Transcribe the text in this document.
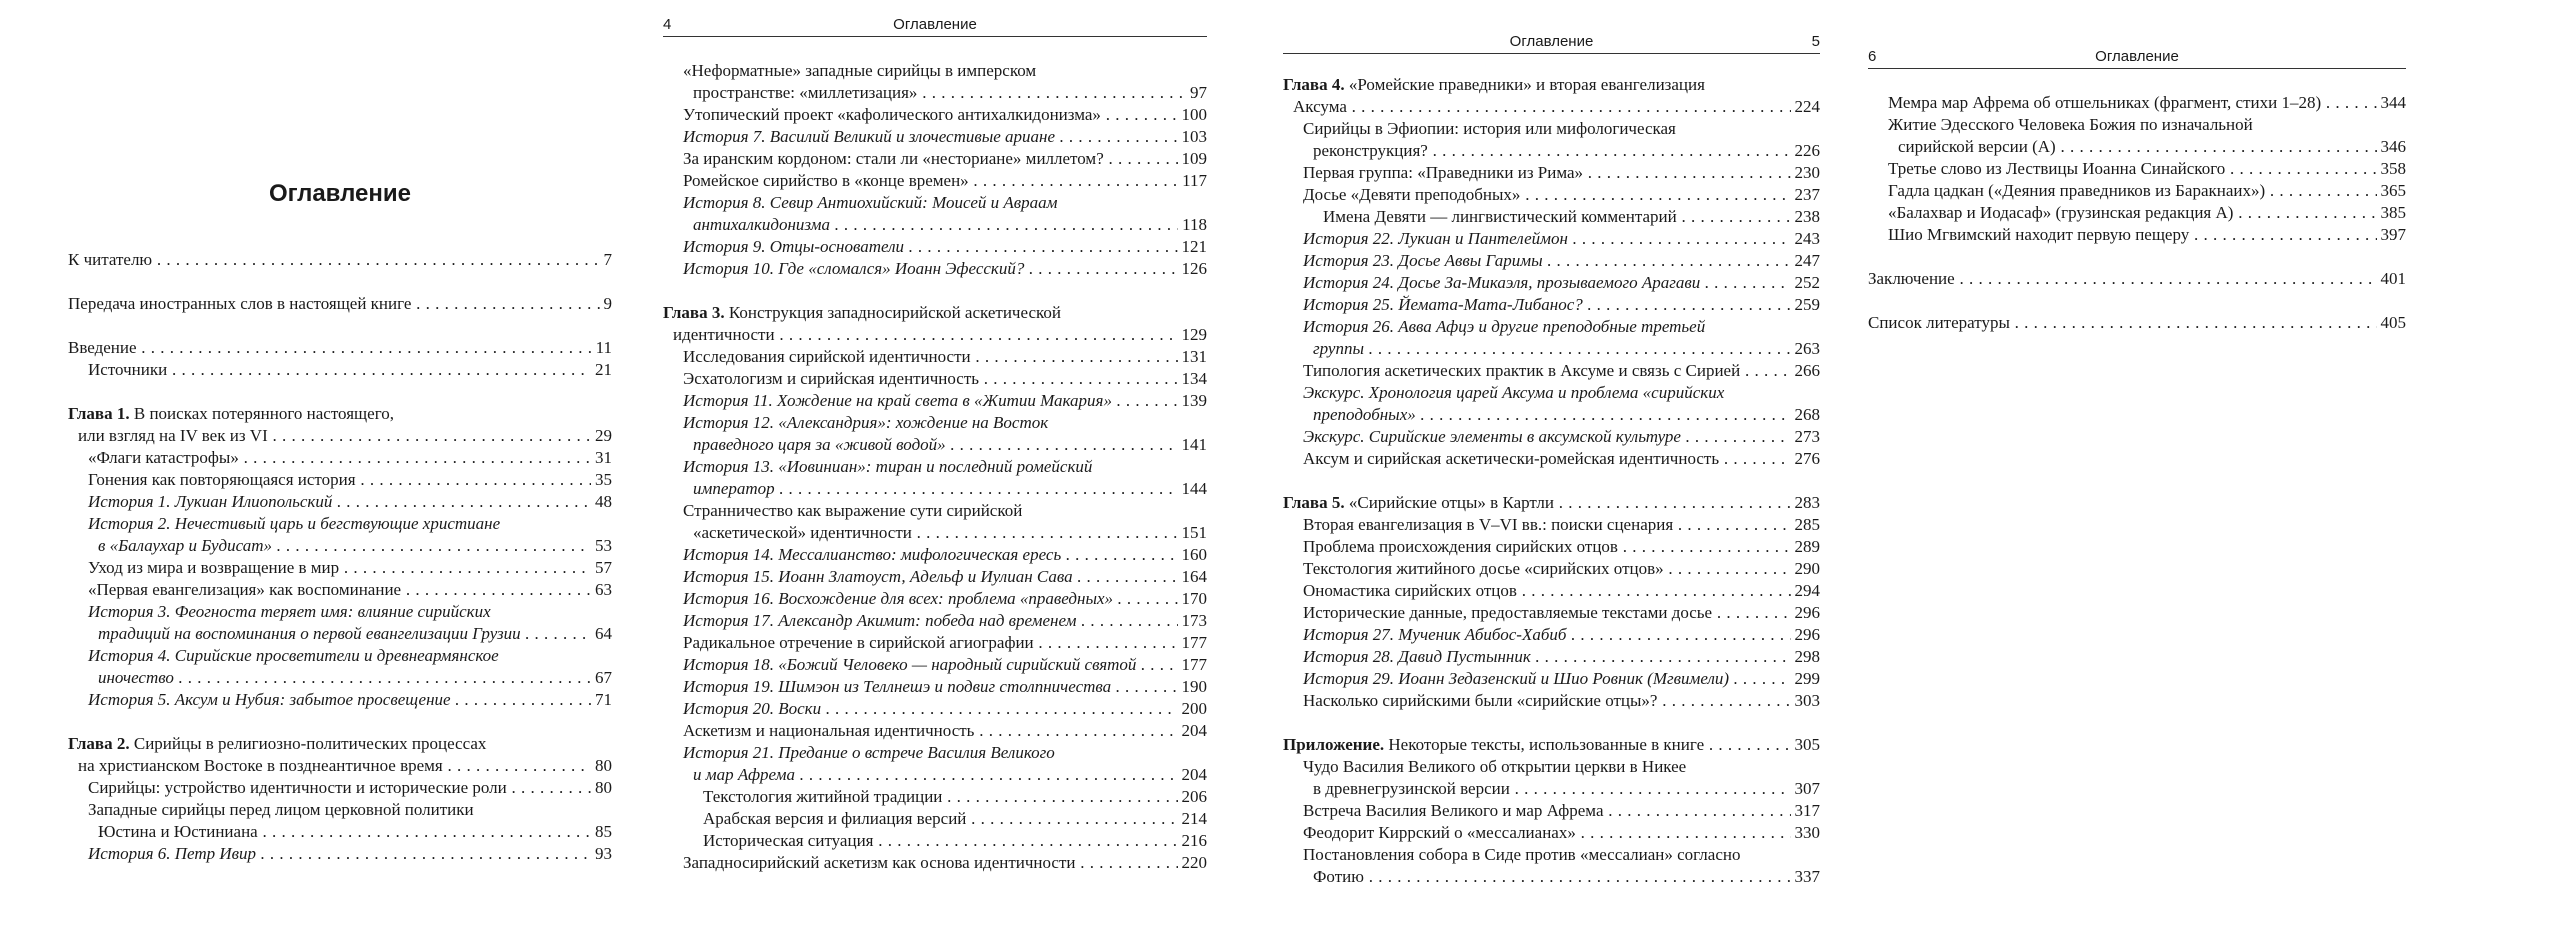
Оглавление
К читателю . . .	7
Передача иностранных слов в настоящей книге . . .	9
Введение . . .	11
Источники . . .	21
Глава 1. В поисках потерянного настоящего,
или взгляд на IV век из VI . . .	29
«Флаги катастрофы» . . .	31
Гонения как повторяющаяся история . . .	35
История 1. Лукиан Илиопольский . . .	48
История 2. Нечестивый царь и бегствующие христиане
в «Балаухар и Будисат» . . .	53
Уход из мира и возвращение в мир . . .	57
«Первая евангелизация» как воспоминание . . .	63
История 3. Феогноста теряет имя: влияние сирийских
традиций на воспоминания о первой евангелизации Грузии . . .	64
История 4. Сирийские просветители и древнеармянское
иночество . . .	67
История 5. Аксум и Нубия: забытое просвещение . . .	71
Глава 2. Сирийцы в религиозно-политических процессах
на христианском Востоке в позднеантичное время . . .	80
Сирийцы: устройство идентичности и исторические роли . . .	80
Западные сирийцы перед лицом церковной политики
Юстина и Юстиниана . . .	85
История 6. Петр Ивир . . .	93
4	Оглавление
«Неформатные» западные сирийцы в имперском
пространстве: «миллетизация» . . .	97
Утопический проект «кафолического антихалкидонизма» . . .	100
История 7. Василий Великий и злочестивые ариане . . .	103
За иранским кордоном: стали ли «несториане» миллетом? . . .	109
Ромейское сирийство в «конце времен» . . .	117
История 8. Севир Антиохийский: Моисей и Авраам
антихалкидонизма . . .	118
История 9. Отцы-основатели . . .	121
История 10. Где «сломался» Иоанн Эфесский? . . .	126
Глава 3. Конструкция западносирийской аскетической
идентичности . . .	129
Исследования сирийской идентичности . . .	131
Эсхатологизм и сирийская идентичность . . .	134
История 11. Хождение на край света в «Житии Макария» . . .	139
История 12. «Александрия»: хождение на Восток
праведного царя за «живой водой» . . .	141
История 13. «Иовиниан»: тиран и последний ромейский
император . . .	144
Странничество как выражение сути сирийской
«аскетической» идентичности . . .	151
История 14. Мессалианство: мифологическая ересь . . .	160
История 15. Иоанн Златоуст, Адельф и Иулиан Сава . . .	164
История 16. Восхождение для всех: проблема «праведных» . . .	170
История 17. Александр Акимит: победа над временем . . .	173
Радикальное отречение в сирийской агиографии . . .	177
История 18. «Божий Человеко — народный сирийский святой . . .	177
История 19. Шимэон из Теллнешэ и подвиг столпничества . . .	190
История 20. Воски . . .	200
Аскетизм и национальная идентичность . . .	204
История 21. Предание о встрече Василия Великого
и мар Афрема . . .	204
Текстология житийной традиции . . .	206
Арабская версия и филиация версий . . .	214
Историческая ситуация . . .	216
Западносирийский аскетизм как основа идентичности . . .	220
Оглавление	5
Глава 4. «Ромейские праведники» и вторая евангелизация
Аксума . . .	224
Сирийцы в Эфиопии: история или мифологическая
реконструкция? . . .	226
Первая группа: «Праведники из Рима» . . .	230
Досье «Девяти преподобных» . . .	237
Имена Девяти — лингвистический комментарий . . .	238
История 22. Лукиан и Пантелеймон . . .	243
История 23. Досье Аввы Гаримы . . .	247
История 24. Досье За-Микаэля, прозываемого Арагави . . .	252
История 25. Йемата-Мата-Либанос? . . .	259
История 26. Авва Афцэ и другие преподобные третьей
группы . . .	263
Типология аскетических практик в Аксуме и связь с Сирией . . .	266
Экскурс. Хронология царей Аксума и проблема «сирийских
преподобных» . . .	268
Экскурс. Сирийские элементы в аксумской культуре . . .	273
Аксум и сирийская аскетически-ромейская идентичность . . .	276
Глава 5. «Сирийские отцы» в Картли . . .	283
Вторая евангелизация в V–VI вв.: поиски сценария . . .	285
Проблема происхождения сирийских отцов . . .	289
Текстология житийного досье «сирийских отцов» . . .	290
Ономастика сирийских отцов . . .	294
Исторические данные, предоставляемые текстами досье . . .	296
История 27. Мученик Абибос-Хабиб . . .	296
История 28. Давид Пустынник . . .	298
История 29. Иоанн Зедазенский и Шио Ровник (Мгвимели) . . .	299
Насколько сирийскими были «сирийские отцы»? . . .	303
Приложение. Некоторые тексты, использованные в книге . . .	305
Чудо Василия Великого об открытии церкви в Никее
в древнегрузинской версии . . .	307
Встреча Василия Великого и мар Афрема . . .	317
Феодорит Киррский о «мессалианах» . . .	330
Постановления собора в Сиде против «мессалиан» согласно
Фотию . . .	337
6	Оглавление
Мемра мар Афрема об отшельниках (фрагмент, стихи 1–28) . . .	344
Житие Эдесского Человека Божия по изначальной
сирийской версии (А) . . .	346
Третье слово из Лествицы Иоанна Синайского . . .	358
Гадла цадкан («Деяния праведников из Баракнаих») . . .	365
«Балахвар и Иодасаф» (грузинская редакция А) . . .	385
Шио Мгвимский находит первую пещеру . . .	397
Заключение . . .	401
Список литературы . . .	405
